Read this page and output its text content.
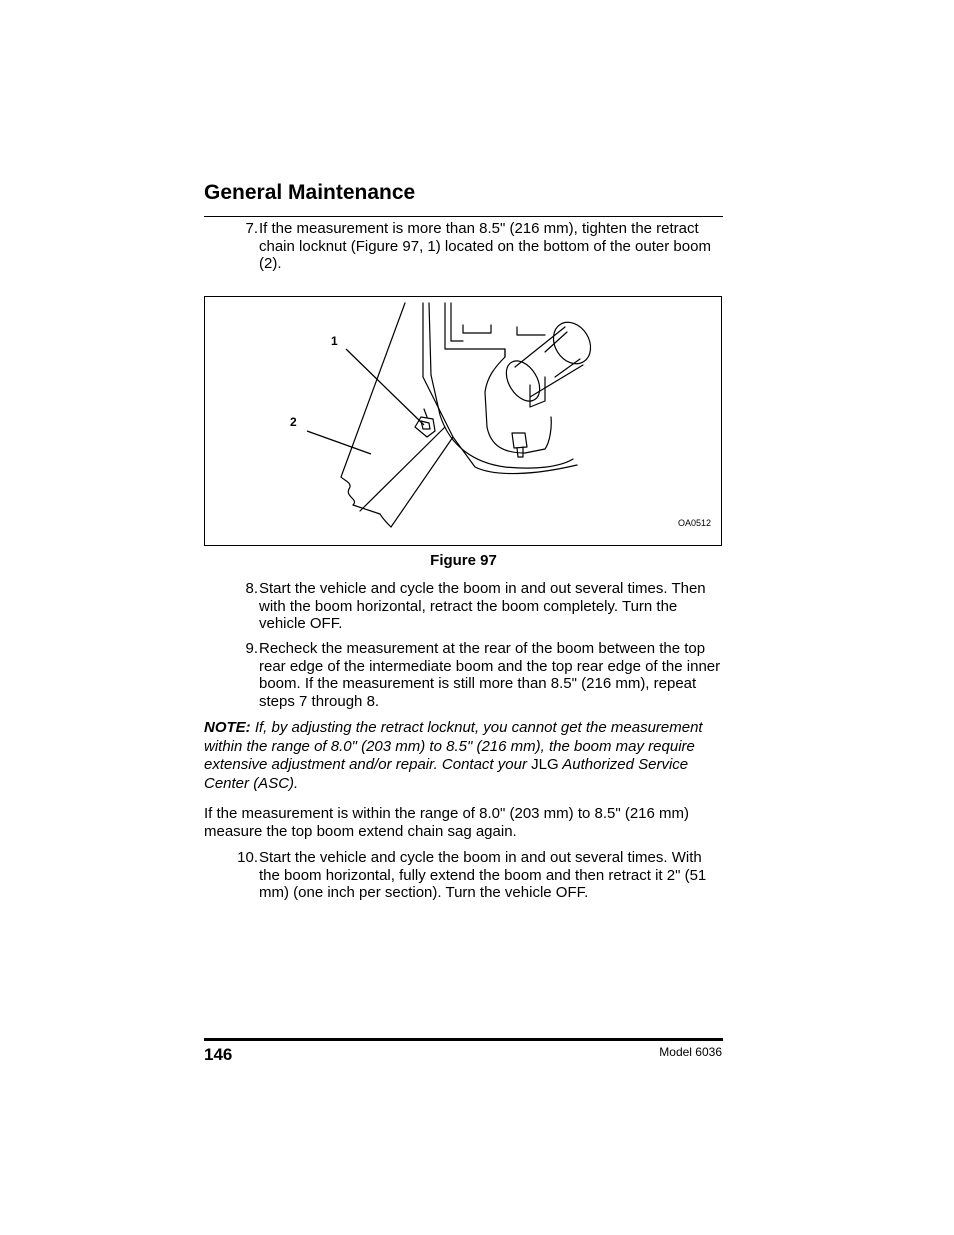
General Maintenance
7. If the measurement is more than 8.5" (216 mm), tighten the retract chain locknut (Figure 97, 1) located on the bottom of the outer boom (2).
1
2
OA0512
Figure 97
8. Start the vehicle and cycle the boom in and out several times. Then with the boom horizontal, retract the boom completely. Turn the vehicle OFF.
9. Recheck the measurement at the rear of the boom between the top rear edge of the intermediate boom and the top rear edge of the inner boom. If the measurement is still more than 8.5" (216 mm), repeat steps 7 through 8.
NOTE: If, by adjusting the retract locknut, you cannot get the measurement within the range of 8.0" (203 mm) to 8.5" (216 mm), the boom may require extensive adjustment and/or repair. Contact your JLG Authorized Service Center (ASC).
If the measurement is within the range of 8.0" (203 mm) to 8.5" (216 mm) measure the top boom extend chain sag again.
10. Start the vehicle and cycle the boom in and out several times. With the boom horizontal, fully extend the boom and then retract it 2" (51 mm) (one inch per section). Turn the vehicle OFF.
146	Model 6036
